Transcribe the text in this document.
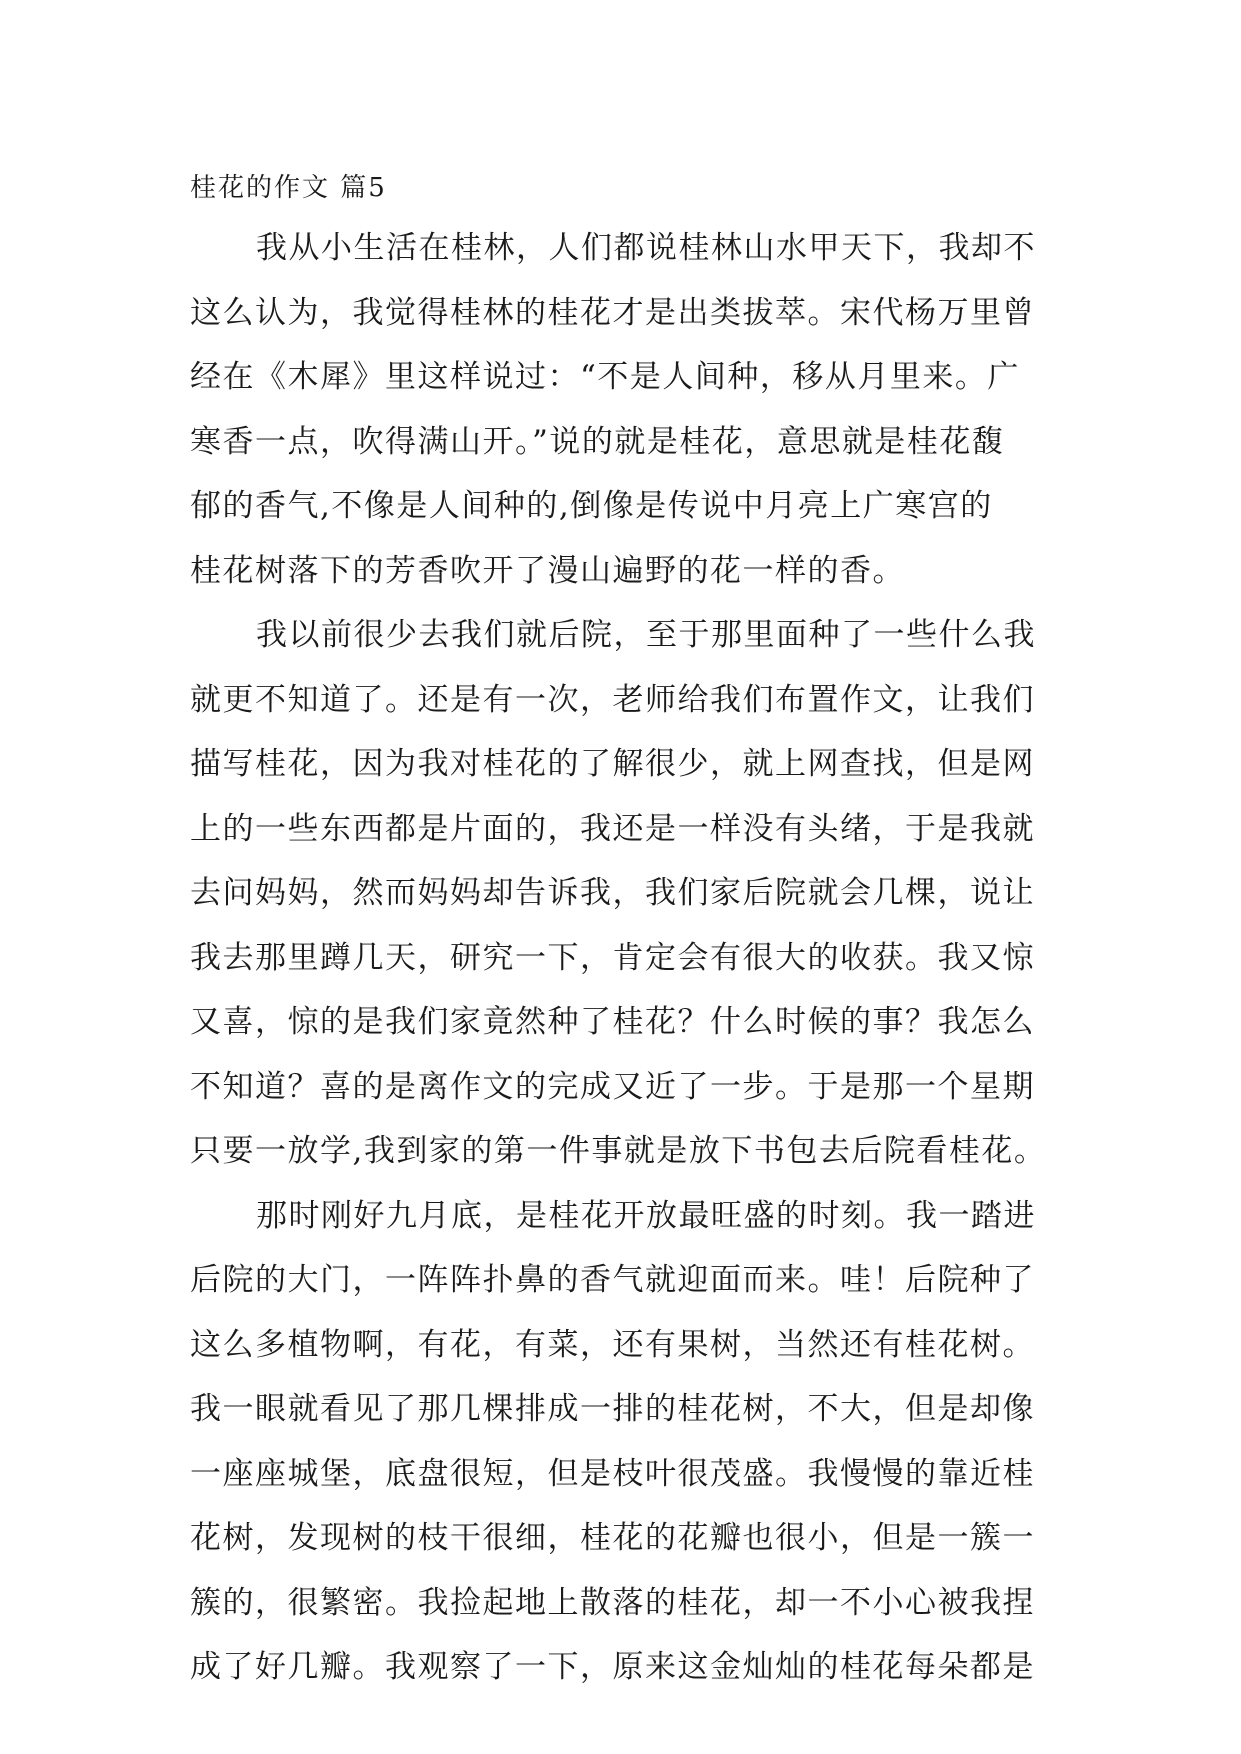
桂花的作文 篇5
我从小生活在桂林，人们都说桂林山水甲天下，我却不
这么认为，我觉得桂林的桂花才是出类拔萃。宋代杨万里曾
经在《木犀》里这样说过：“不是人间种，移从月里来。广
寒香一点，吹得满山开。”说的就是桂花，意思就是桂花馥
郁的香气,不像是人间种的,倒像是传说中月亮上广寒宫的
桂花树落下的芳香吹开了漫山遍野的花一样的香。
我以前很少去我们就后院，至于那里面种了一些什么我
就更不知道了。还是有一次，老师给我们布置作文，让我们
描写桂花，因为我对桂花的了解很少，就上网查找，但是网
上的一些东西都是片面的，我还是一样没有头绪，于是我就
去问妈妈，然而妈妈却告诉我，我们家后院就会几棵，说让
我去那里蹲几天，研究一下，肯定会有很大的收获。我又惊
又喜，惊的是我们家竟然种了桂花？什么时候的事？我怎么
不知道？喜的是离作文的完成又近了一步。于是那一个星期
只要一放学,我到家的第一件事就是放下书包去后院看桂花。
那时刚好九月底，是桂花开放最旺盛的时刻。我一踏进
后院的大门，一阵阵扑鼻的香气就迎面而来。哇！后院种了
这么多植物啊，有花，有菜，还有果树，当然还有桂花树。
我一眼就看见了那几棵排成一排的桂花树，不大，但是却像
一座座城堡，底盘很短，但是枝叶很茂盛。我慢慢的靠近桂
花树，发现树的枝干很细，桂花的花瓣也很小，但是一簇一
簇的，很繁密。我捡起地上散落的桂花，却一不小心被我捏
成了好几瓣。我观察了一下，原来这金灿灿的桂花每朵都是
